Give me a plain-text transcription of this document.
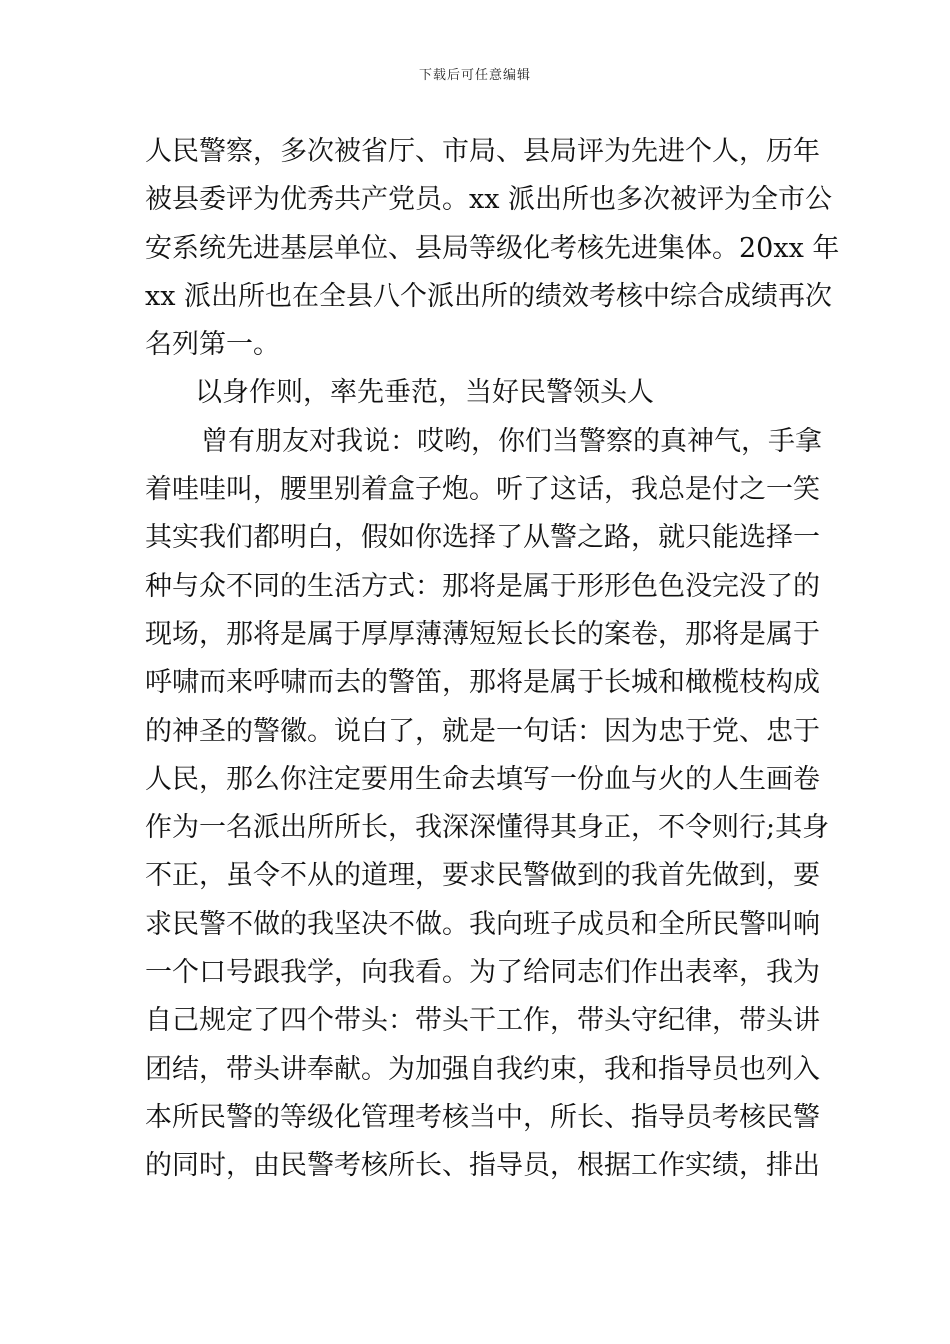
下载后可任意编辑
人民警察，多次被省厅、市局、县局评为先进个人，历年
被县委评为优秀共产党员。xx 派出所也多次被评为全市公
安系统先进基层单位、县局等级化考核先进集体。20xx 年
xx 派出所也在全县八个派出所的绩效考核中综合成绩再次
名列第一。
以身作则，率先垂范，当好民警领头人
曾有朋友对我说：哎哟，你们当警察的真神气，手拿
着哇哇叫，腰里别着盒子炮。听了这话，我总是付之一笑
其实我们都明白，假如你选择了从警之路，就只能选择一
种与众不同的生活方式：那将是属于形形色色没完没了的
现场，那将是属于厚厚薄薄短短长长的案卷，那将是属于
呼啸而来呼啸而去的警笛，那将是属于长城和橄榄枝构成
的神圣的警徽。说白了，就是一句话：因为忠于党、忠于
人民，那么你注定要用生命去填写一份血与火的人生画卷
作为一名派出所所长，我深深懂得其身正，不令则行;其身
不正，虽令不从的道理，要求民警做到的我首先做到，要
求民警不做的我坚决不做。我向班子成员和全所民警叫响
一个口号跟我学，向我看。为了给同志们作出表率，我为
自己规定了四个带头：带头干工作，带头守纪律，带头讲
团结，带头讲奉献。为加强自我约束，我和指导员也列入
本所民警的等级化管理考核当中，所长、指导员考核民警
的同时，由民警考核所长、指导员，根据工作实绩，排出
